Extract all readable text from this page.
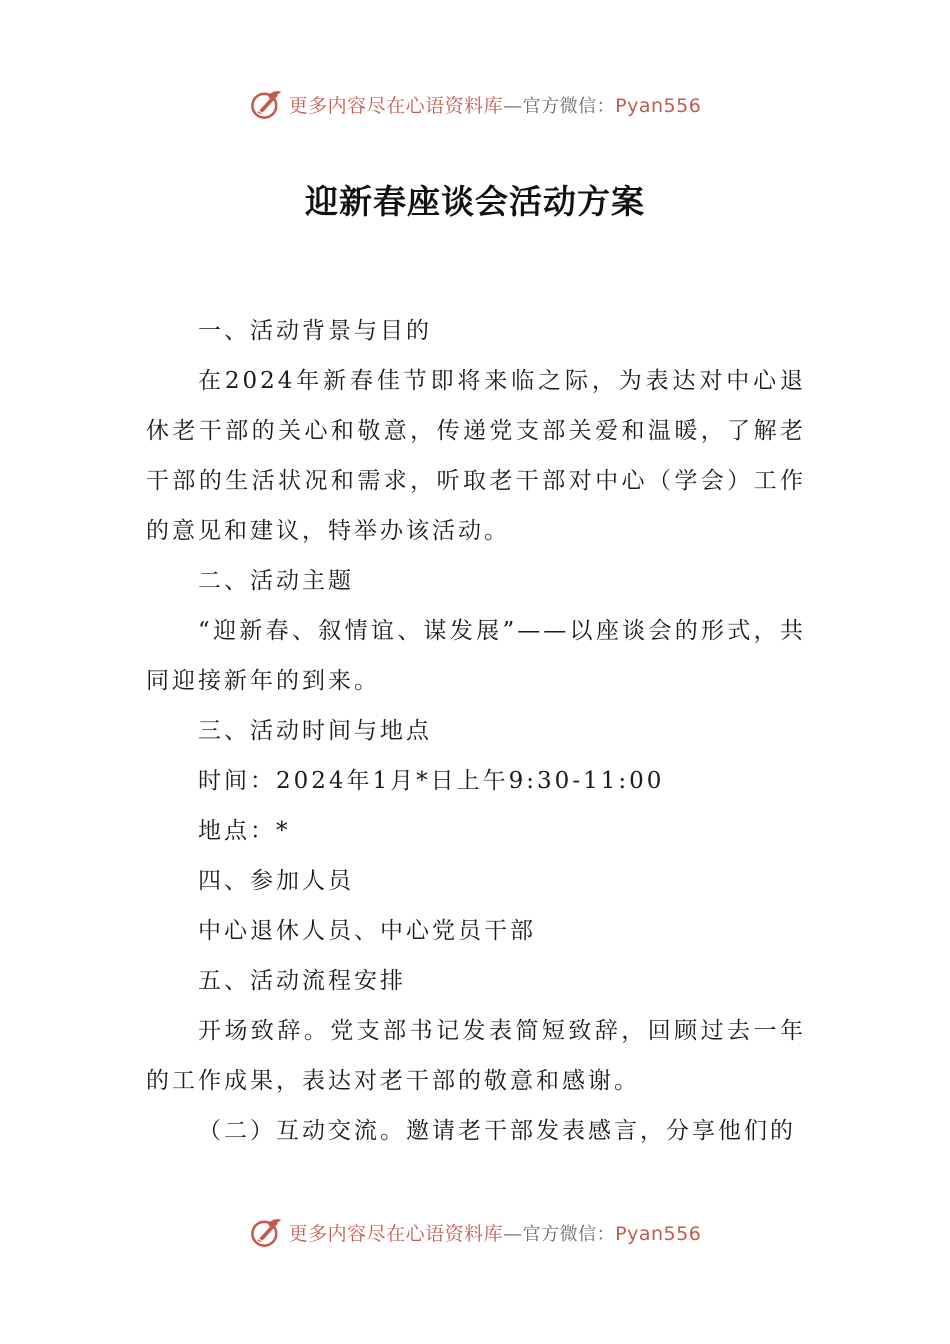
更多内容尽在心语资料库—官方微信：Pyan556
迎新春座谈会活动方案

一、活动背景与目的

在2024年新春佳节即将来临之际，为表达对中心退休老干部的关心和敬意，传递党支部关爱和温暖，了解老干部的生活状况和需求，听取老干部对中心（学会）工作的意见和建议，特举办该活动。

二、活动主题

“迎新春、叙情谊、谋发展”——以座谈会的形式，共同迎接新年的到来。

三、活动时间与地点

时间：2024年1月*日上午9:30-11:00

地点：*

四、参加人员

中心退休人员、中心党员干部

五、活动流程安排

开场致辞。党支部书记发表简短致辞，回顾过去一年的工作成果，表达对老干部的敬意和感谢。

（二）互动交流。邀请老干部发表感言，分享他们的

更多内容尽在心语资料库—官方微信：Pyan556
